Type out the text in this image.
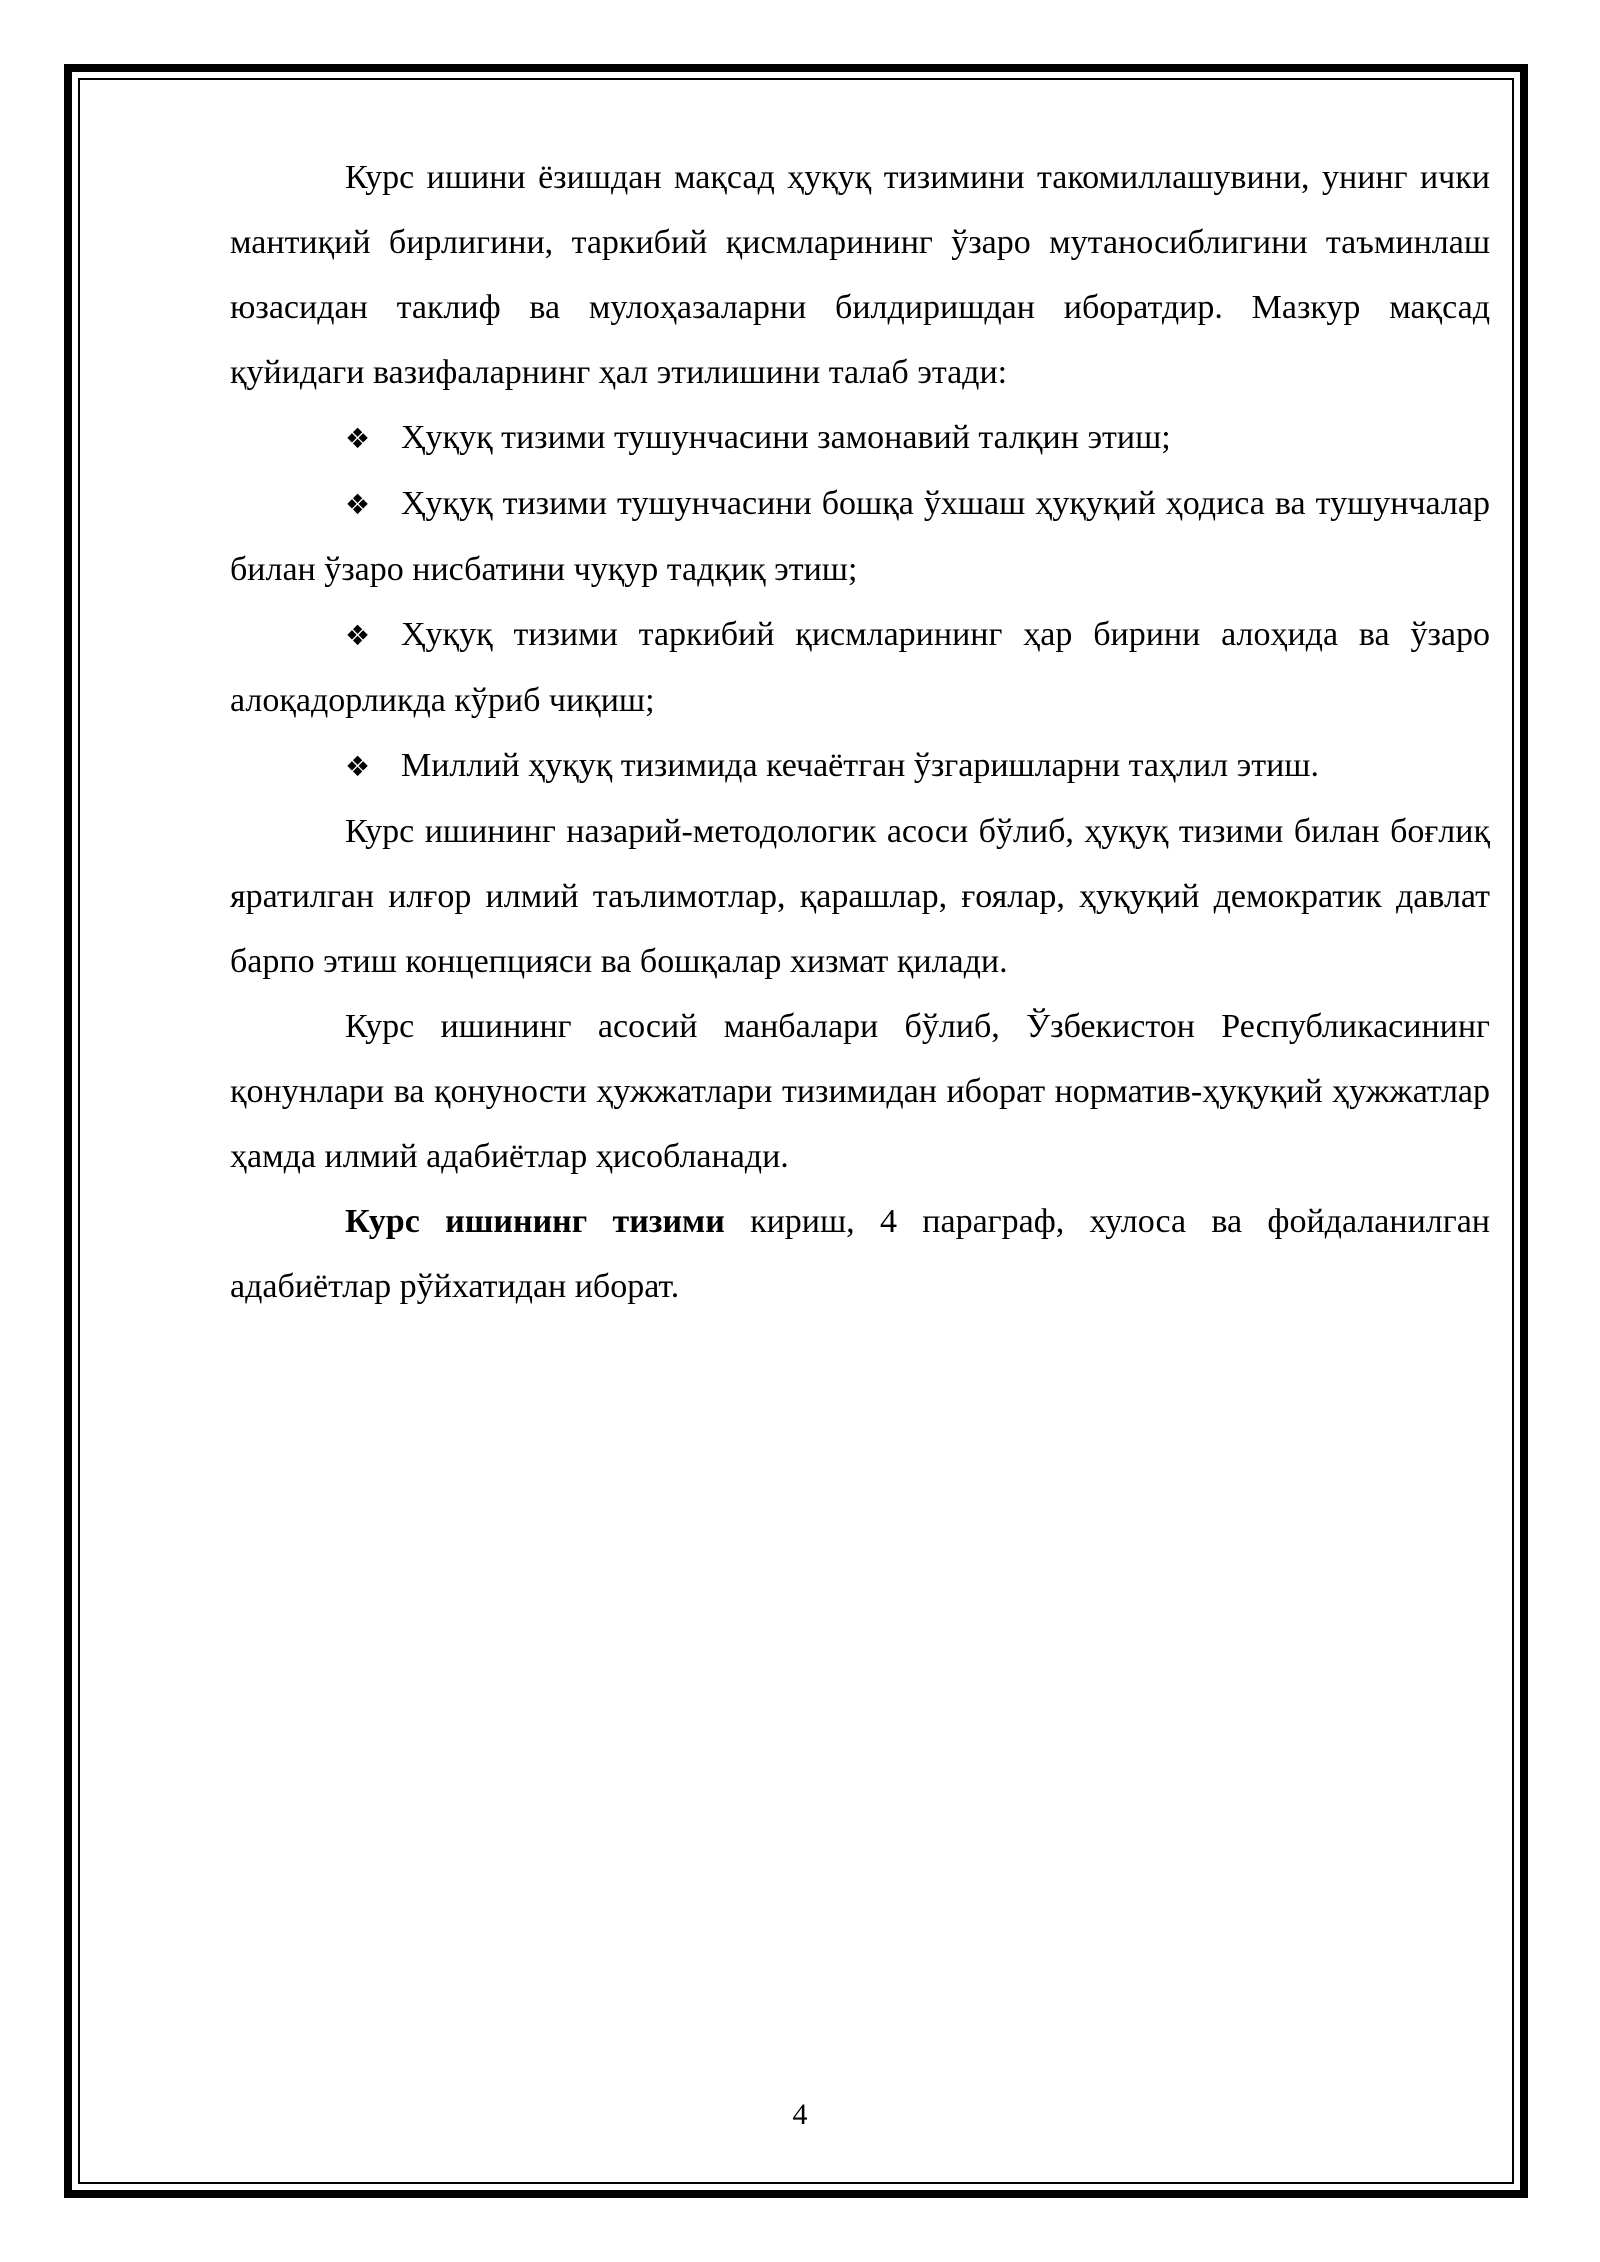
Курс ишини ёзишдан мақсад ҳуқуқ тизимини такомиллашувини, унинг ички мантиқий бирлигини, таркибий қисмларининг ўзаро мутаносиблигини таъминлаш юзасидан таклиф ва мулоҳазаларни билдиришдан иборатдир. Мазкур мақсад қуйидаги вазифаларнинг ҳал этилишини талаб этади:

❖ Ҳуқуқ тизими тушунчасини замонавий талқин этиш;

❖ Ҳуқуқ тизими тушунчасини бошқа ўхшаш ҳуқуқий ҳодиса ва тушунчалар билан ўзаро нисбатини чуқур тадқиқ этиш;

❖ Ҳуқуқ тизими таркибий қисмларининг ҳар бирини алоҳида ва ўзаро алоқадорликда кўриб чиқиш;

❖ Миллий ҳуқуқ тизимида кечаётган ўзгаришларни таҳлил этиш.

Курс ишининг назарий-методологик асоси бўлиб, ҳуқуқ тизими билан боғлиқ яратилган илғор илмий таълимотлар, қарашлар, ғоялар, ҳуқуқий демократик давлат барпо этиш концепцияси ва бошқалар хизмат қилади.

Курс ишининг асосий манбалари бўлиб, Ўзбекистон Республикасининг қонунлари ва қонуности ҳужжатлари тизимидан иборат норматив-ҳуқуқий ҳужжатлар ҳамда илмий адабиётлар ҳисобланади.

Курс ишининг тизими кириш, 4 параграф, хулоса ва фойдаланилган адабиётлар рўйхатидан иборат.

4
